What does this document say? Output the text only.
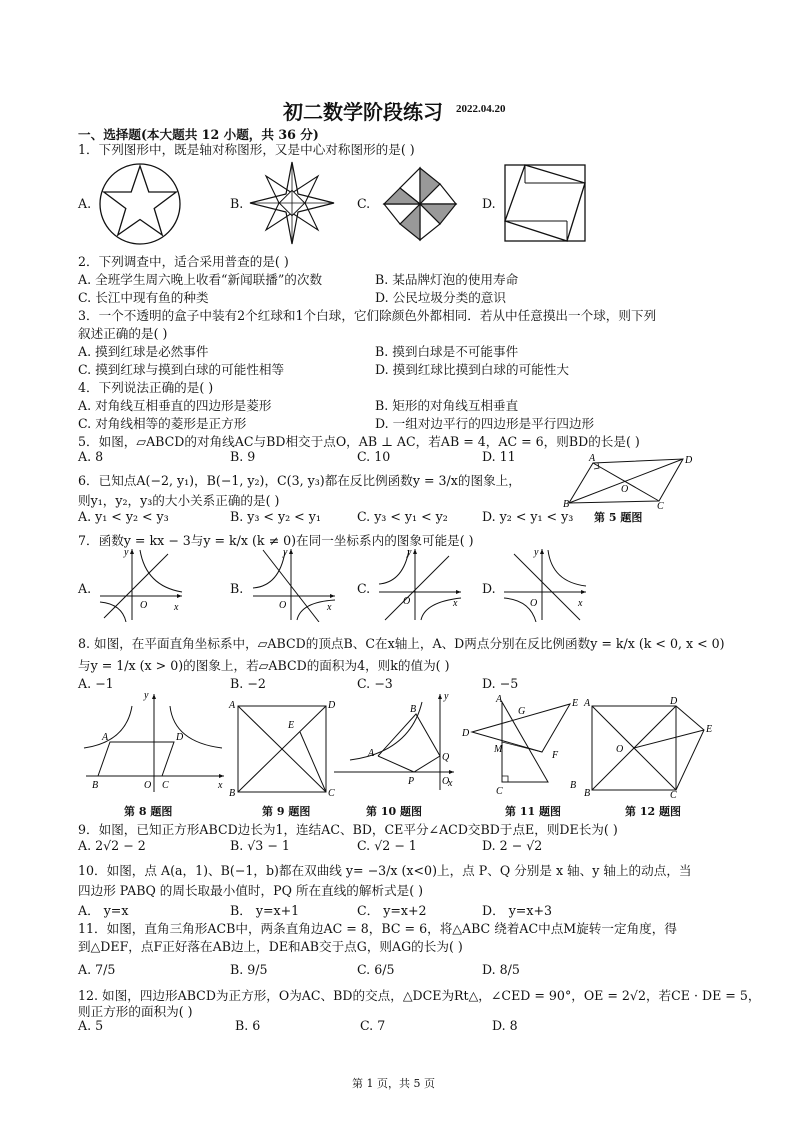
初二数学阶段练习 2022.04.20
一、选择题(本大题共 12 小题，共 36 分)
1．下列图形中，既是轴对称图形，又是中心对称图形的是( )
A.	B.	C.	D.
2．下列调查中，适合采用普查的是( )
A. 全班学生周六晚上收看“新闻联播”的次数	B. 某品牌灯泡的使用寿命
C. 长江中现有鱼的种类	D. 公民垃圾分类的意识
3．一个不透明的盒子中装有2个红球和1个白球，它们除颜色外都相同．若从中任意摸出一个球，则下列
叙述正确的是( )
A. 摸到红球是必然事件	B. 摸到白球是不可能事件
C. 摸到红球与摸到白球的可能性相等	D. 摸到红球比摸到白球的可能性大
4．下列说法正确的是( )
A. 对角线互相垂直的四边形是菱形	B. 矩形的对角线互相垂直
C. 对角线相等的菱形是正方形	D. 一组对边平行的四边形是平行四边形
5．如图，▱ABCD的对角线AC与BD相交于点O，AB ⊥ AC，若AB = 4，AC = 6，则BD的长是( )
A. 8	B. 9	C. 10	D. 11	A	D
O
B	C
6．已知点A(−2, y₁)，B(−1, y₂)，C(3, y₃)都在反比例函数y = 3/x的图象上，
则y₁，y₂，y₃的大小关系正确的是( )
A. y₁ < y₂ < y₃	B. y₃ < y₂ < y₁	C. y₃ < y₁ < y₂	D. y₂ < y₁ < y₃ 第 5 题图
7．函数y = kx − 3与y = k/x (k ≠ 0)在同一坐标系内的图象可能是( )
A.	B.	C.	D.
y
O	x
y
O	x
y
O	x
y
O	x
8. 如图，在平面直角坐标系中，▱ABCD的顶点B、C在x轴上，A、D两点分别在反比例函数y = k/x (k < 0, x < 0)
与y = 1/x (x > 0)的图象上，若▱ABCD的面积为4，则k的值为( )
A. −1	B. −2	C. −3	D. −5
y
A	D
B	O C	x
A	D
E
B	C
y
B
A	Q
O
P	x
A
G
E
D
M
F
C
B
A	D
O
E
B	C
第 8 题图	第 9 题图	第 10 题图	第 11 题图	第 12 题图
9．如图，已知正方形ABCD边长为1，连结AC、BD，CE平分∠ACD交BD于点E，则DE长为( )
A. 2√2 − 2	B. √3 − 1	C. √2 − 1	D. 2 − √2
10．如图，点 A(a，1)、B(−1，b)都在双曲线 y= −3/x (x<0)上，点 P、Q 分别是 x 轴、y 轴上的动点，当
四边形 PABQ 的周长取最小值时，PQ 所在直线的解析式是( )
A． y=x	B． y=x+1	C． y=x+2	D． y=x+3
11．如图，直角三角形ACB中，两条直角边AC = 8，BC = 6，将△ABC 绕着AC中点M旋转一定角度，得
到△DEF，点F正好落在AB边上，DE和AB交于点G，则AG的长为( )
A. 7/5	B. 9/5	C. 6/5	D. 8/5
12. 如图，四边形ABCD为正方形，O为AC、BD的交点，△DCE为Rt△，∠CED = 90°，OE = 2√2，若CE · DE = 5，
则正方形的面积为( )
A. 5	B. 6	C. 7	D. 8
第 1 页，共 5 页
